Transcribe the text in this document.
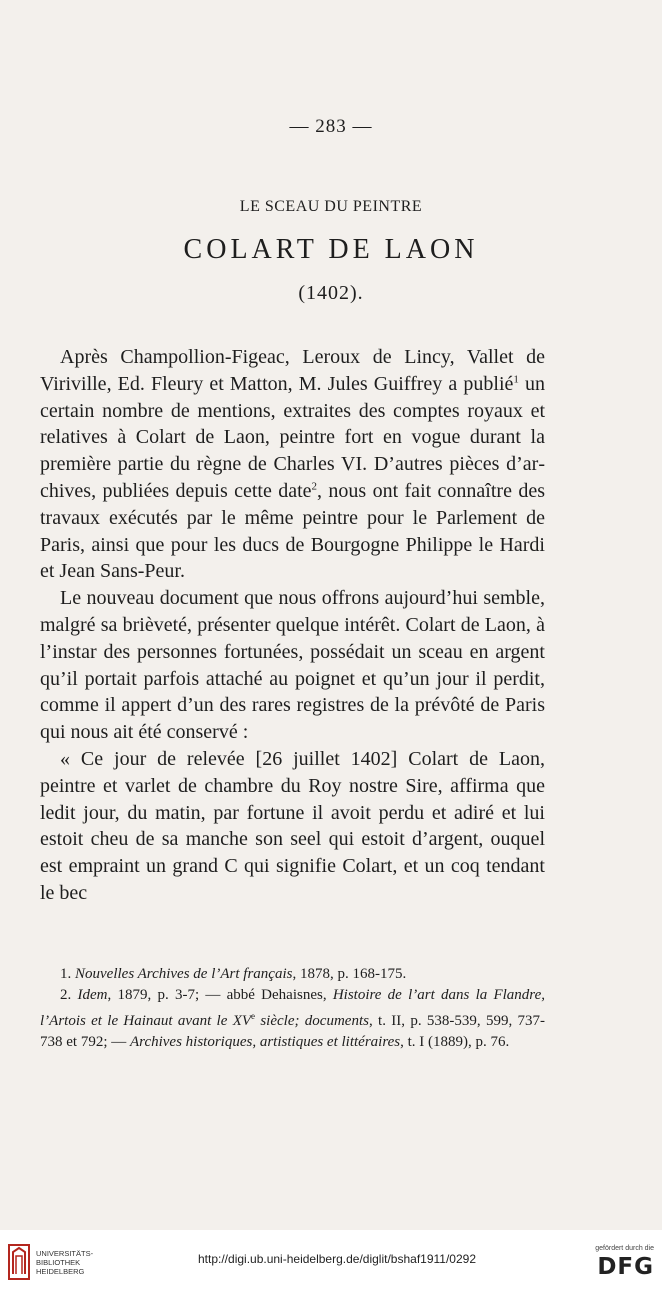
— 283 —
LE SCEAU DU PEINTRE
COLART DE LAON
(1402).

Après Champollion-Figeac, Leroux de Lincy, Vallet de Viriville, Ed. Fleury et Matton, M. Jules Guiffrey a publié$^1$ un certain nombre de mentions, extraites des comptes royaux et relatives à Colart de Laon, peintre fort en vogue durant la première partie du règne de Charles VI. D’autres pièces d’archives, publiées depuis cette date$^2$, nous ont fait connaître des travaux exécutés par le même peintre pour le Parlement de Paris, ainsi que pour les ducs de Bourgogne Philippe le Hardi et Jean Sans-Peur.

Le nouveau document que nous offrons aujourd’hui semble, malgré sa brièveté, présenter quelque intérêt. Colart de Laon, à l’instar des personnes fortunées, possédait un sceau en argent qu’il portait parfois attaché au poignet et qu’un jour il perdit, comme il appert d’un des rares registres de la prévôté de Paris qui nous ait été conservé :

« Ce jour de relevée [26 juillet 1402] Colart de Laon, peintre et varlet de chambre du Roy nostre Sire, affirma que ledit jour, du matin, par fortune il avoit perdu et adiré et lui estoit cheu de sa manche son seel qui estoit d’argent, ouquel est empraint un grand C qui signifie Colart, et un coq tendant le bec

1. Nouvelles Archives de l’Art français, 1878, p. 168-175.

2. Idem, 1879, p. 3-7; — abbé Dehaisnes, Histoire de l’art dans la Flandre, l’Artois et le Hainaut avant le XVe siècle; documents, t. II, p. 538-539, 599, 737-738 et 792; — Archives historiques, artistiques et littéraires, t. I (1889), p. 76.

UNIVERSITÄTS-
BIBLIOTHEK
HEIDELBERG
http://digi.ub.uni-heidelberg.de/diglit/bshaf1911/0292
gefördert durch die
DFG
